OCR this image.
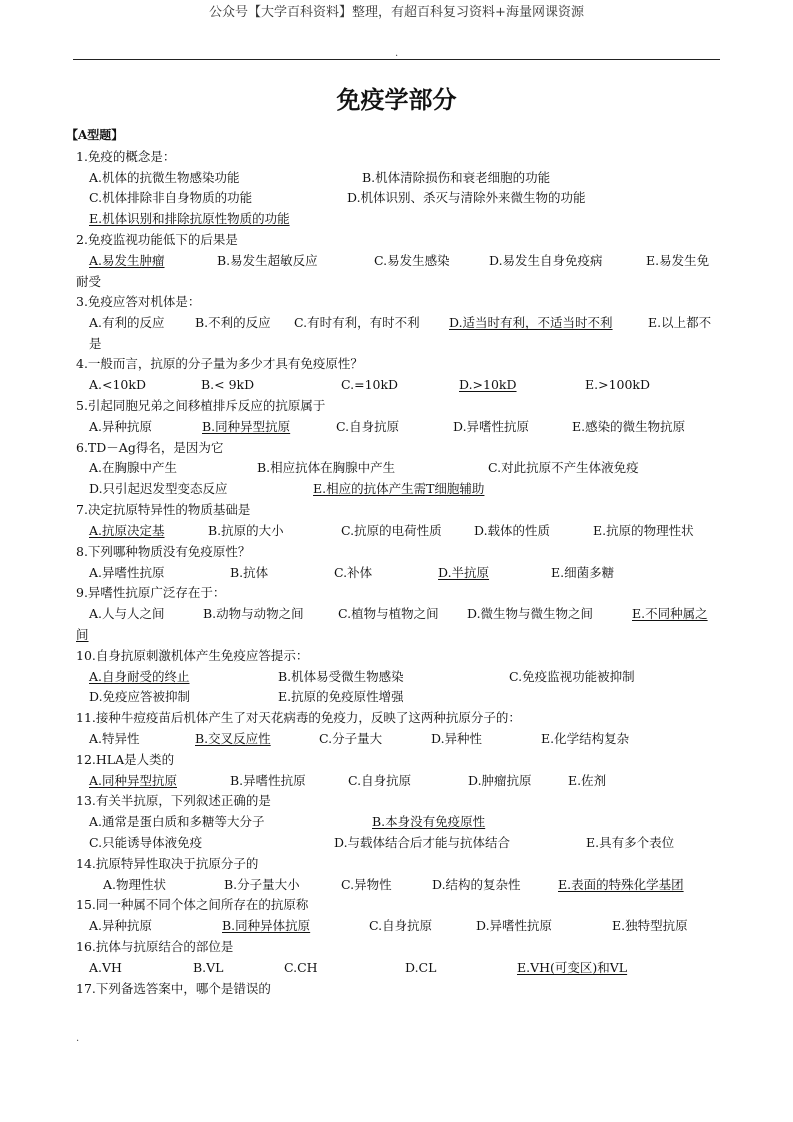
公众号【大学百科资料】整理，有超百科复习资料+海量网课资源
.
免疫学部分
【A型题】
1.免疫的概念是：
A.机体的抗微生物感染功能	B.机体清除损伤和衰老细胞的功能
C.机体排除非自身物质的功能	D.机体识别、杀灭与清除外来微生物的功能
E.机体识别和排除抗原性物质的功能
2.免疫监视功能低下的后果是
A.易发生肿瘤	B.易发生超敏反应	C.易发生感染	D.易发生自身免疫病	E.易发生免
耐受
3.免疫应答对机体是：
A.有利的反应 B.不利的反应 C.有时有利，有时不利 D.适当时有利，不适当时不利	E.以上都不
是
4.一般而言，抗原的分子量为多少才具有免疫原性？
A.<10kD	B.< 9kD	C.=10kD	D.>10kD	E.>100kD
5.引起同胞兄弟之间移植排斥反应的抗原属于
A.异种抗原	B.同种异型抗原	C.自身抗原	D.异嗜性抗原	E.感染的微生物抗原
6.TD－Ag得名，是因为它
A.在胸腺中产生	B.相应抗体在胸腺中产生	C.对此抗原不产生体液免疫
D.只引起迟发型变态反应	E.相应的抗体产生需T细胞辅助
7.决定抗原特异性的物质基础是
A.抗原决定基	B.抗原的大小	C.抗原的电荷性质	D.载体的性质	E.抗原的物理性状
8.下列哪种物质没有免疫原性？
A.异嗜性抗原	B.抗体	C.补体	D.半抗原	E.细菌多糖
9.异嗜性抗原广泛存在于：
A.人与人之间	B.动物与动物之间	C.植物与植物之间 D.微生物与微生物之间	E.不同种属之
间
10.自身抗原刺激机体产生免疫应答提示：
A.自身耐受的终止	B.机体易受微生物感染	C.免疫监视功能被抑制
D.免疫应答被抑制	E.抗原的免疫原性增强
11.接种牛痘疫苗后机体产生了对天花病毒的免疫力，反映了这两种抗原分子的：
A.特异性	B.交叉反应性	C.分子量大	D.异种性	E.化学结构复杂
12.HLA是人类的
A.同种异型抗原	B.异嗜性抗原	C.自身抗原	D.肿瘤抗原	E.佐剂
13.有关半抗原，下列叙述正确的是
A.通常是蛋白质和多糖等大分子	B.本身没有免疫原性
C.只能诱导体液免疫	D.与载体结合后才能与抗体结合	E.具有多个表位
14.抗原特异性取决于抗原分子的
A.物理性状	B.分子量大小	C.异物性	D.结构的复杂性	E.表面的特殊化学基团
15.同一种属不同个体之间所存在的抗原称
A.异种抗原	B.同种异体抗原	C.自身抗原	D.异嗜性抗原	E.独特型抗原
16.抗体与抗原结合的部位是
A.VH	B.VL	C.CH	D.CL	E.VH(可变区)和VL
17.下列备选答案中，哪个是错误的
.
